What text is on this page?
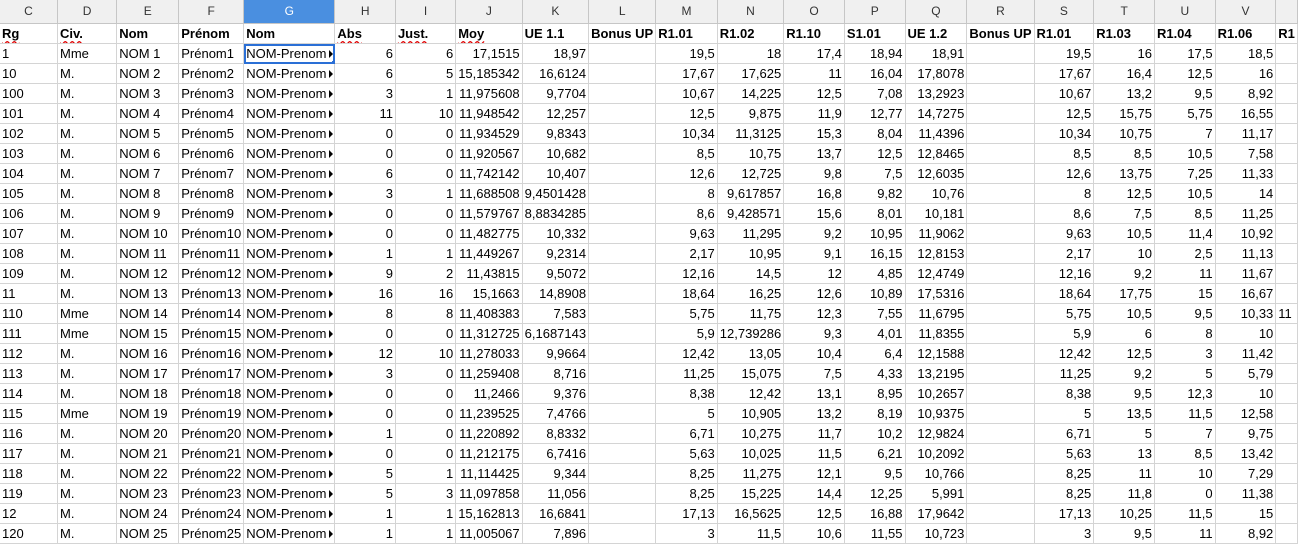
C	D	E	F	G	H	I	J	K	L	M	N	O	P	Q	R	S	T	U	V	
Rg	Civ.	Nom	Prénom	Nom	Abs	Just.	Moy	UE 1.1	Bonus UP	R1.01	R1.02	R1.10	S1.01	UE 1.2	Bonus UP	R1.01	R1.03	R1.04	R1.06	R1
1	Mme	NOM 1	Prénom1	NOM-Prenom	6	6	17,1515	18,97		19,5	18	17,4	18,94	18,91		19,5	16	17,5	18,5	
10	M.	NOM 2	Prénom2	NOM-Prenom	6	5	15,185342	16,6124		17,67	17,625	11	16,04	17,8078		17,67	16,4	12,5	16	
100	M.	NOM 3	Prénom3	NOM-Prenom	3	1	11,975608	9,7704		10,67	14,225	12,5	7,08	13,2923		10,67	13,2	9,5	8,92	
101	M.	NOM 4	Prénom4	NOM-Prenom	11	10	11,948542	12,257		12,5	9,875	11,9	12,77	14,7275		12,5	15,75	5,75	16,55	
102	M.	NOM 5	Prénom5	NOM-Prenom	0	0	11,934529	9,8343		10,34	11,3125	15,3	8,04	11,4396		10,34	10,75	7	11,17	
103	M.	NOM 6	Prénom6	NOM-Prenom	0	0	11,920567	10,682		8,5	10,75	13,7	12,5	12,8465		8,5	8,5	10,5	7,58	
104	M.	NOM 7	Prénom7	NOM-Prenom	6	0	11,742142	10,407		12,6	12,725	9,8	7,5	12,6035		12,6	13,75	7,25	11,33	
105	M.	NOM 8	Prénom8	NOM-Prenom	3	1	11,688508	9,4501428		8	9,617857	16,8	9,82	10,76		8	12,5	10,5	14	
106	M.	NOM 9	Prénom9	NOM-Prenom	0	0	11,579767	8,8834285		8,6	9,428571	15,6	8,01	10,181		8,6	7,5	8,5	11,25	
107	M.	NOM 10	Prénom10	NOM-Prenom	0	0	11,482775	10,332		9,63	11,295	9,2	10,95	11,9062		9,63	10,5	11,4	10,92	
108	M.	NOM 11	Prénom11	NOM-Prenom	1	1	11,449267	9,2314		2,17	10,95	9,1	16,15	12,8153		2,17	10	2,5	11,13	
109	M.	NOM 12	Prénom12	NOM-Prenom	9	2	11,43815	9,5072		12,16	14,5	12	4,85	12,4749		12,16	9,2	11	11,67	
11	M.	NOM 13	Prénom13	NOM-Prenom	16	16	15,1663	14,8908		18,64	16,25	12,6	10,89	17,5316		18,64	17,75	15	16,67	
110	Mme	NOM 14	Prénom14	NOM-Prenom	8	8	11,408383	7,583		5,75	11,75	12,3	7,55	11,6795		5,75	10,5	9,5	10,33	11
111	Mme	NOM 15	Prénom15	NOM-Prenom	0	0	11,312725	6,1687143		5,9	12,739286	9,3	4,01	11,8355		5,9	6	8	10	
112	M.	NOM 16	Prénom16	NOM-Prenom	12	10	11,278033	9,9664		12,42	13,05	10,4	6,4	12,1588		12,42	12,5	3	11,42	
113	M.	NOM 17	Prénom17	NOM-Prenom	3	0	11,259408	8,716		11,25	15,075	7,5	4,33	13,2195		11,25	9,2	5	5,79	
114	M.	NOM 18	Prénom18	NOM-Prenom	0	0	11,2466	9,376		8,38	12,42	13,1	8,95	10,2657		8,38	9,5	12,3	10	
115	Mme	NOM 19	Prénom19	NOM-Prenom	0	0	11,239525	7,4766		5	10,905	13,2	8,19	10,9375		5	13,5	11,5	12,58	
116	M.	NOM 20	Prénom20	NOM-Prenom	1	0	11,220892	8,8332		6,71	10,275	11,7	10,2	12,9824		6,71	5	7	9,75	
117	M.	NOM 21	Prénom21	NOM-Prenom	0	0	11,212175	6,7416		5,63	10,025	11,5	6,21	10,2092		5,63	13	8,5	13,42	
118	M.	NOM 22	Prénom22	NOM-Prenom	5	1	11,114425	9,344		8,25	11,275	12,1	9,5	10,766		8,25	11	10	7,29	
119	M.	NOM 23	Prénom23	NOM-Prenom	5	3	11,097858	11,056		8,25	15,225	14,4	12,25	5,991		8,25	11,8	0	11,38	
12	M.	NOM 24	Prénom24	NOM-Prenom	1	1	15,162813	16,6841		17,13	16,5625	12,5	16,88	17,9642		17,13	10,25	11,5	15	
120	M.	NOM 25	Prénom25	NOM-Prenom	1	1	11,005067	7,896		3	11,5	10,6	11,55	10,723		3	9,5	11	8,92	
